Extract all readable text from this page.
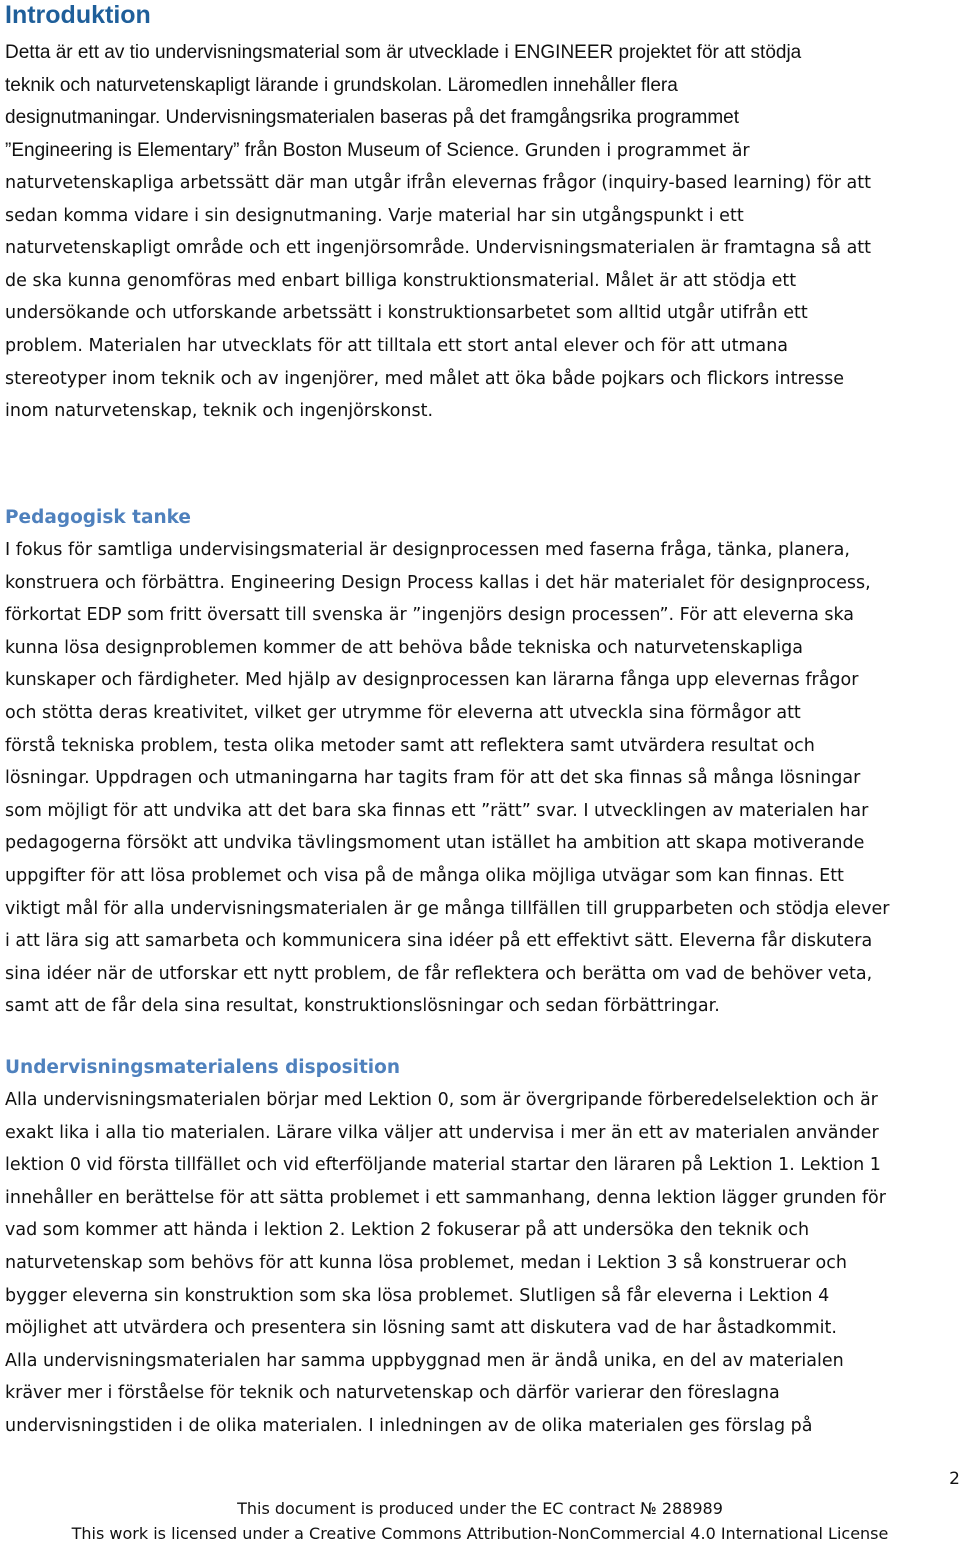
Introduktion
Detta är ett av tio undervisningsmaterial som är utvecklade i ENGINEER projektet för att stödja
teknik och naturvetenskapligt lärande i grundskolan. Läromedlen innehåller flera
designutmaningar. Undervisningsmaterialen baseras på det framgångsrika programmet
”Engineering is Elementary” från Boston Museum of Science. Grunden i programmet är
naturvetenskapliga arbetssätt där man utgår ifrån elevernas frågor (inquiry-based learning) för att
sedan komma vidare i sin designutmaning. Varje material har sin utgångspunkt i ett
naturvetenskapligt område och ett ingenjörsområde. Undervisningsmaterialen är framtagna så att
de ska kunna genomföras med enbart billiga konstruktionsmaterial. Målet är att stödja ett
undersökande och utforskande arbetssätt i konstruktionsarbetet som alltid utgår utifrån ett
problem. Materialen har utvecklats för att tilltala ett stort antal elever och för att utmana
stereotyper inom teknik och av ingenjörer, med målet att öka både pojkars och flickors intresse
inom naturvetenskap, teknik och ingenjörskonst.
Pedagogisk tanke
I fokus för samtliga undervisingsmaterial är designprocessen med faserna fråga, tänka, planera,
konstruera och förbättra. Engineering Design Process kallas i det här materialet för designprocess,
förkortat EDP som fritt översatt till svenska är ”ingenjörs design processen”. För att eleverna ska
kunna lösa designproblemen kommer de att behöva både tekniska och naturvetenskapliga
kunskaper och färdigheter. Med hjälp av designprocessen kan lärarna fånga upp elevernas frågor
och stötta deras kreativitet, vilket ger utrymme för eleverna att utveckla sina förmågor att
förstå tekniska problem, testa olika metoder samt att reflektera samt utvärdera resultat och
lösningar. Uppdragen och utmaningarna har tagits fram för att det ska finnas så många lösningar
som möjligt för att undvika att det bara ska finnas ett ”rätt” svar. I utvecklingen av materialen har
pedagogerna försökt att undvika tävlingsmoment utan istället ha ambition att skapa motiverande
uppgifter för att lösa problemet och visa på de många olika möjliga utvägar som kan finnas. Ett
viktigt mål för alla undervisningsmaterialen är ge många tillfällen till grupparbeten och stödja elever
i att lära sig att samarbeta och kommunicera sina idéer på ett effektivt sätt. Eleverna får diskutera
sina idéer när de utforskar ett nytt problem, de får reflektera och berätta om vad de behöver veta,
samt att de får dela sina resultat, konstruktionslösningar och sedan förbättringar.
Undervisningsmaterialens disposition
Alla undervisningsmaterialen börjar med Lektion 0, som är övergripande förberedelselektion och är
exakt lika i alla tio materialen. Lärare vilka väljer att undervisa i mer än ett av materialen använder
lektion 0 vid första tillfället och vid efterföljande material startar den läraren på Lektion 1. Lektion 1
innehåller en berättelse för att sätta problemet i ett sammanhang, denna lektion lägger grunden för
vad som kommer att hända i lektion 2. Lektion 2 fokuserar på att undersöka den teknik och
naturvetenskap som behövs för att kunna lösa problemet, medan i Lektion 3 så konstruerar och
bygger eleverna sin konstruktion som ska lösa problemet. Slutligen så får eleverna i Lektion 4
möjlighet att utvärdera och presentera sin lösning samt att diskutera vad de har åstadkommit.
Alla undervisningsmaterialen har samma uppbyggnad men är ändå unika, en del av materialen
kräver mer i förståelse för teknik och naturvetenskap och därför varierar den föreslagna
undervisningstiden i de olika materialen. I inledningen av de olika materialen ges förslag på
2
This document is produced under the EC contract № 288989
This work is licensed under a Creative Commons Attribution-NonCommercial 4.0 International License
